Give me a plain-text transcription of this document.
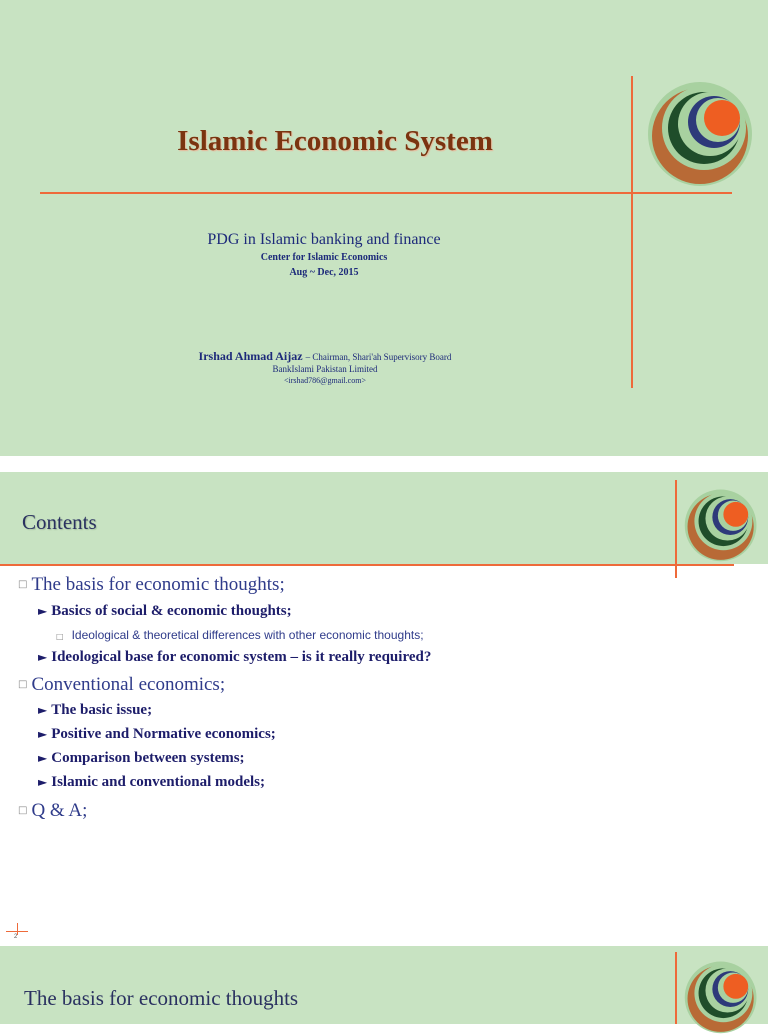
Islamic Economic System
PDG in Islamic banking and finance
Center for Islamic Economics
Aug ~ Dec, 2015
Irshad Ahmad Aijaz – Chairman, Shari'ah Supervisory Board
BankIslami Pakistan Limited
<irshad786@gmail.com>
Contents
□ The basis for economic thoughts;
► Basics of social & economic thoughts;
□ Ideological & theoretical differences with other economic thoughts;
► Ideological base for economic system – is it really required?
□ Conventional economics;
► The basic issue;
► Positive and Normative economics;
► Comparison between systems;
► Islamic and conventional models;
□ Q & A;
2
The basis for economic thoughts
